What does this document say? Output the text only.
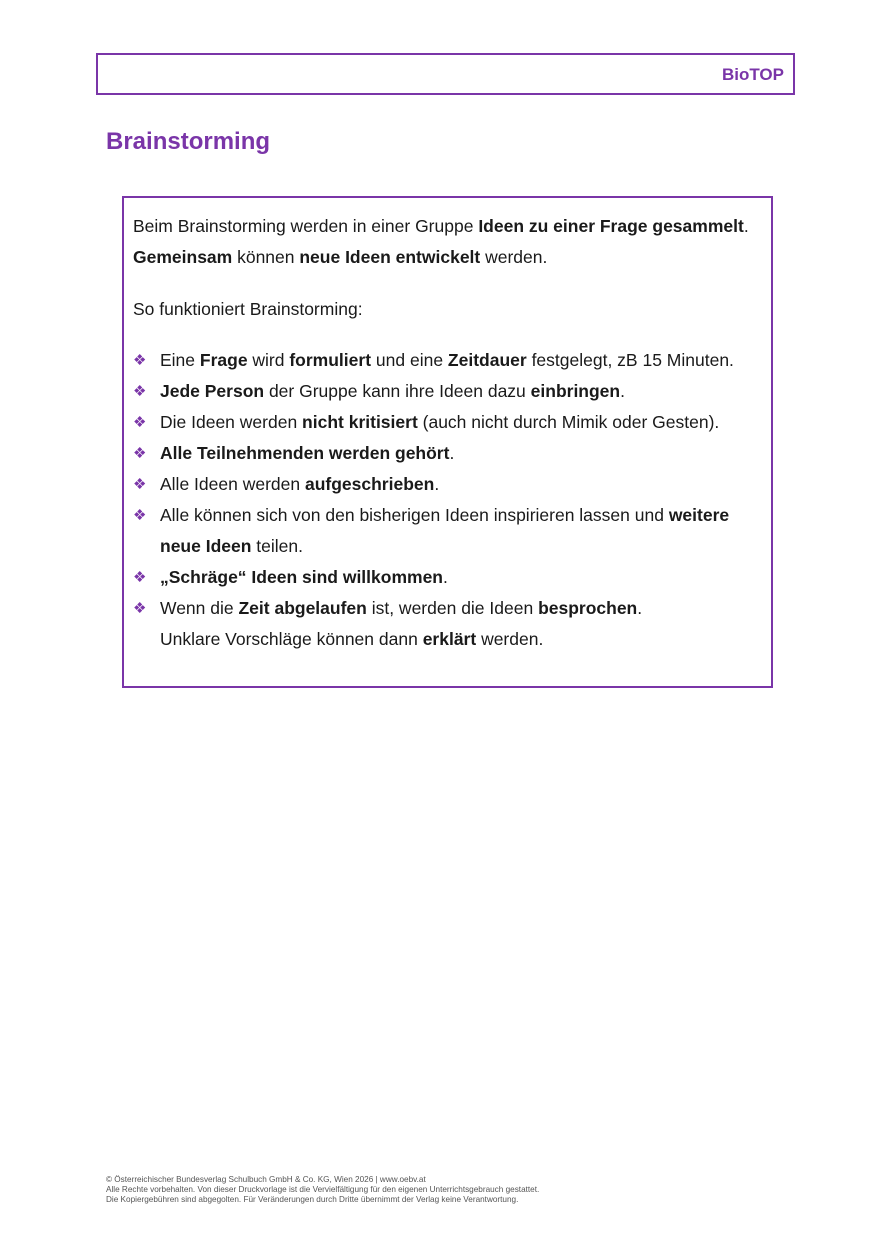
BioTOP
Brainstorming

Beim Brainstorming werden in einer Gruppe Ideen zu einer Frage gesammelt. Gemeinsam können neue Ideen entwickelt werden.

So funktioniert Brainstorming:

❖ Eine Frage wird formuliert und eine Zeitdauer festgelegt, zB 15 Minuten.
❖ Jede Person der Gruppe kann ihre Ideen dazu einbringen.
❖ Die Ideen werden nicht kritisiert (auch nicht durch Mimik oder Gesten).
❖ Alle Teilnehmenden werden gehört.
❖ Alle Ideen werden aufgeschrieben.
❖ Alle können sich von den bisherigen Ideen inspirieren lassen und weitere neue Ideen teilen.
❖ „Schräge“ Ideen sind willkommen.
❖ Wenn die Zeit abgelaufen ist, werden die Ideen besprochen.
Unklare Vorschläge können dann erklärt werden.
© Österreichischer Bundesverlag Schulbuch GmbH & Co. KG, Wien 2026 | www.oebv.at
Alle Rechte vorbehalten. Von dieser Druckvorlage ist die Vervielfältigung für den eigenen Unterrichtsgebrauch gestattet.
Die Kopiergebühren sind abgegolten. Für Veränderungen durch Dritte übernimmt der Verlag keine Verantwortung.
